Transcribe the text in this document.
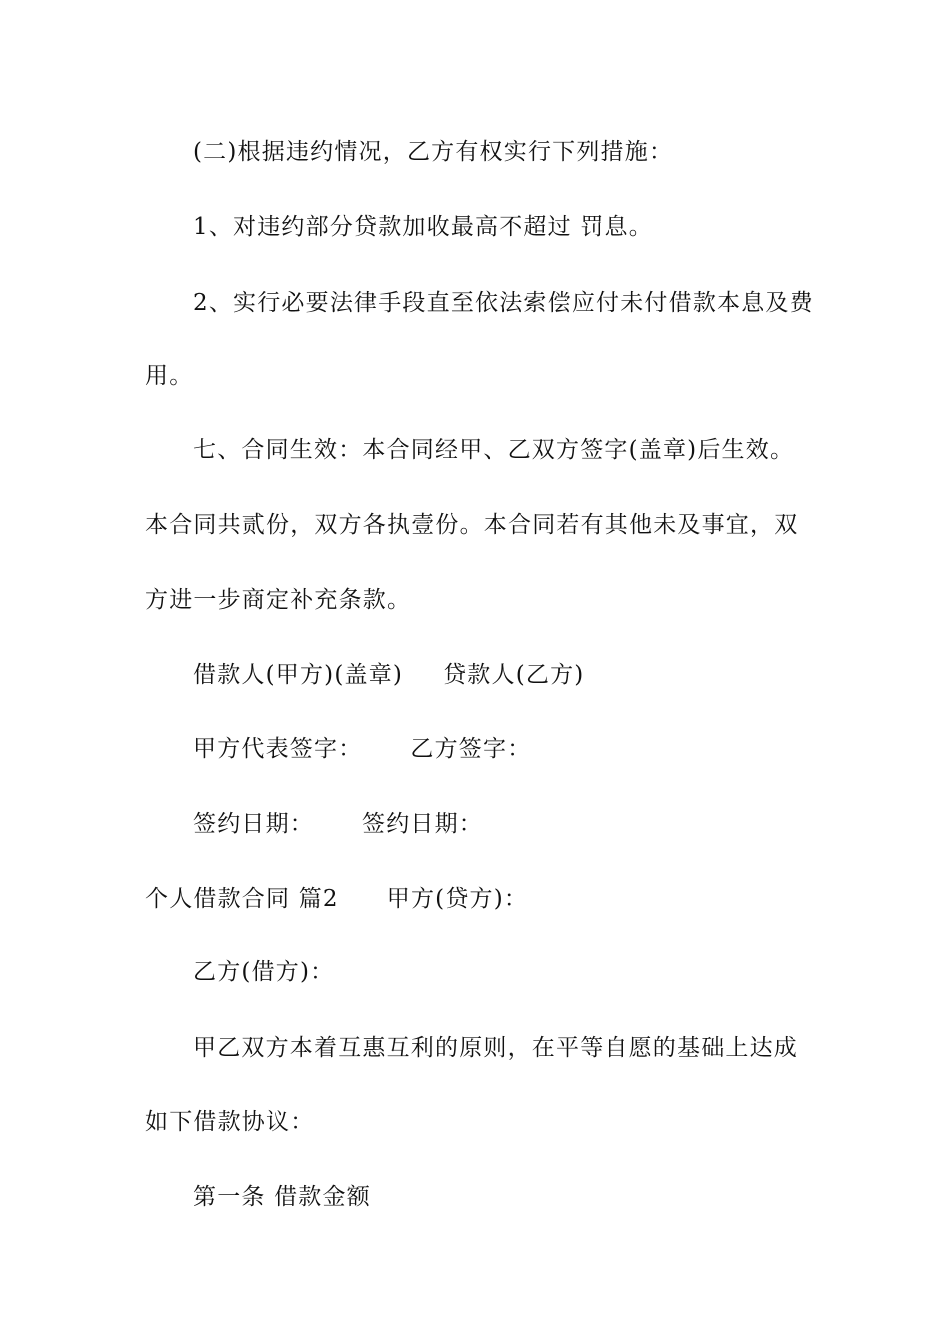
(二)根据违约情况，乙方有权实行下列措施：
1、对违约部分贷款加收最高不超过 罚息。
2、实行必要法律手段直至依法索偿应付未付借款本息及费
用。
七、合同生效：本合同经甲、乙双方签字(盖章)后生效。
本合同共贰份，双方各执壹份。本合同若有其他未及事宜，双
方进一步商定补充条款。
借款人(甲方)(盖章) 贷款人(乙方)
甲方代表签字： 乙方签字：
签约日期： 签约日期：
个人借款合同 篇2 甲方(贷方)：
乙方(借方)：
甲乙双方本着互惠互利的原则，在平等自愿的基础上达成
如下借款协议：
第一条 借款金额
